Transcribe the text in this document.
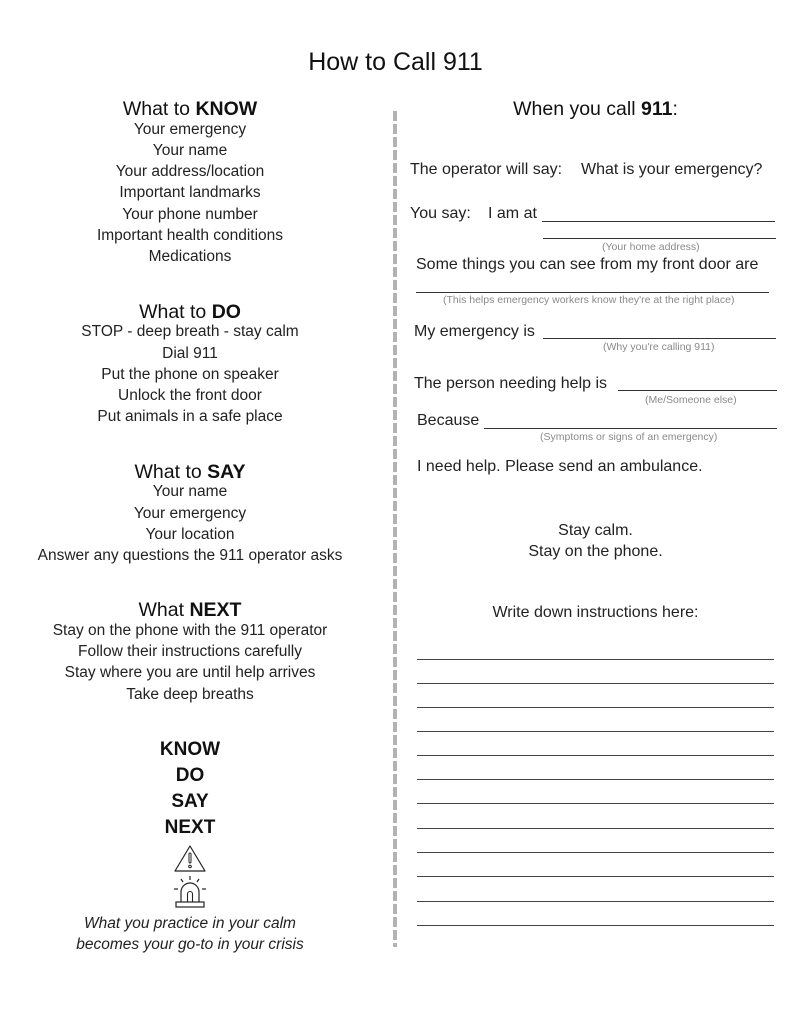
How to Call 911
What to KNOW
Your emergency
Your name
Your address/location
Important landmarks
Your phone number
Important health conditions
Medications
What to DO
STOP - deep breath - stay calm
Dial 911
Put the phone on speaker
Unlock the front door
Put animals in a safe place
What to SAY
Your name
Your emergency
Your location
Answer any questions the 911 operator asks
What NEXT
Stay on the phone with the 911 operator
Follow their instructions carefully
Stay where you are until help arrives
Take deep breaths
KNOW
DO
SAY
NEXT
What you practice in your calm
becomes your go-to in your crisis
When you call 911:
The operator will say: What is your emergency?
You say: I am at
(Your home address)
Some things you can see from my front door are
(This helps emergency workers know they're at the right place)
My emergency is
(Why you're calling 911)
The person needing help is
(Me/Someone else)
Because
(Symptoms or signs of an emergency)
I need help. Please send an ambulance.
Stay calm.
Stay on the phone.
Write down instructions here:
